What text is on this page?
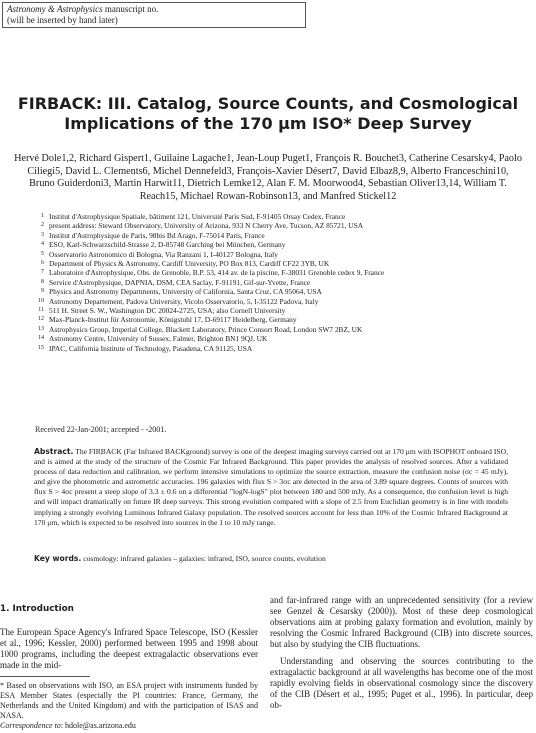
Astronomy & Astrophysics manuscript no.
(will be inserted by hand later)
FIRBACK: III. Catalog, Source Counts, and Cosmological
Implications of the 170 μm ISO* Deep Survey
Hervé Dole1,2, Richard Gispert1, Guilaine Lagache1, Jean-Loup Puget1, François R. Bouchet3, Catherine Cesarsky4, Paolo Ciliegi5, David L. Clements6, Michel Dennefeld3, François-Xavier Désert7, David Elbaz8,9, Alberto Franceschini10, Bruno Guiderdoni3, Martin Harwit11, Dietrich Lemke12, Alan F. M. Moorwood4, Sebastian Oliver13,14, William T. Reach15, Michael Rowan-Robinson13, and Manfred Stickel12
1 Institut d'Astrophysique Spatiale, bâtiment 121, Université Paris Sud, F-91405 Orsay Cedex, France
2 present address: Steward Observatory, University of Arizona, 933 N Cherry Ave, Tucson, AZ 85721, USA
3 Institut d'Astrophysique de Paris, 98bis Bd Arago, F-75014 Paris, France
4 ESO, Karl-Schwarzschild-Strasse 2, D-85748 Garching bei München, Germany
5 Osservatorio Astronomico di Bologna, Via Ranzani 1, I-40127 Bologna, Italy
6 Department of Physics & Astronomy, Cardiff University, PO Box 813, Cardiff CF22 3YB, UK
7 Laboratoire d'Astrophysique, Obs. de Grenoble, B.P. 53, 414 av. de la piscine, F-38031 Grenoble cedex 9, France
8 Service d'Astrophysique, DAPNIA, DSM, CEA Saclay, F-91191, Gif-sur-Yvette, France
9 Physics and Astronomy Departments, University of California, Santa Cruz, CA 95064, USA
10 Astronomy Departement, Padova University, Vicolo Osservatorio, 5, I-35122 Padova, Italy
11 511 H. Street S. W., Washington DC 20024-2725, USA; also Cornell University
12 Max-Planck-Institut für Astronomie, Königstuhl 17, D-69117 Heidelberg, Germany
13 Astrophysics Group, Imperial College, Blackett Laboratory, Prince Consort Road, London SW7 2BZ, UK
14 Astronomy Centre, University of Sussex, Falmer, Brighton BN1 9QJ, UK
15 IPAC, California Institute of Technology, Pasadena, CA 91125, USA
Received 22-Jan-2001; accepted - -2001.
Abstract. The FIRBACK (Far Infrared BACKground) survey is one of the deepest imaging surveys carried out at 170 μm with ISOPHOT onboard ISO, and is aimed at the study of the structure of the Cosmic Far Infrared Background. This paper provides the analysis of resolved sources. After a validated process of data reduction and calibration, we perform intensive simulations to optimize the source extraction, measure the confusion noise (σc = 45 mJy), and give the photometric and astrometric accuracies. 196 galaxies with flux S > 3σc are detected in the area of 3.89 square degrees. Counts of sources with flux S > 4σc present a steep slope of 3.3 ± 0.6 on a differential "logN-logS" plot between 180 and 500 mJy. As a consequence, the confusion level is high and will impact dramatically on future IR deep surveys. This strong evolution compared with a slope of 2.5 from Euclidian geometry is in line with models implying a strongly evolving Luminous Infrared Galaxy population. The resolved sources account for less than 10% of the Cosmic Infrared Background at 170 μm, which is expected to be resolved into sources in the 1 to 10 mJy range.
Key words. cosmology: infrared galaxies – galaxies: infrared, ISO, source counts, evolution
1. Introduction
The European Space Agency's Infrared Space Telescope, ISO (Kessler et al., 1996; Kessler, 2000) performed between 1995 and 1998 about 1000 programs, including the deepest extragalactic observations ever made in the mid-
* Based on observations with ISO, an ESA project with instruments funded by ESA Member States (especially the PI countries: France, Germany, the Netherlands and the United Kingdom) and with the participation of ISAS and NASA.
Correspondence to: hdole@as.arizona.edu
and far-infrared range with an unprecedented sensitivity (for a review see Genzel & Cesarsky (2000)). Most of these deep cosmological observations aim at probing galaxy formation and evolution, mainly by resolving the Cosmic Infrared Background (CIB) into discrete sources, but also by studying the CIB fluctuations.
Understanding and observing the sources contributing to the extragalactic background at all wavelengths has become one of the most rapidly evolving fields in observational cosmology since the discovery of the CIB (Désert et al., 1995; Puget et al., 1996). In particular, deep ob-
